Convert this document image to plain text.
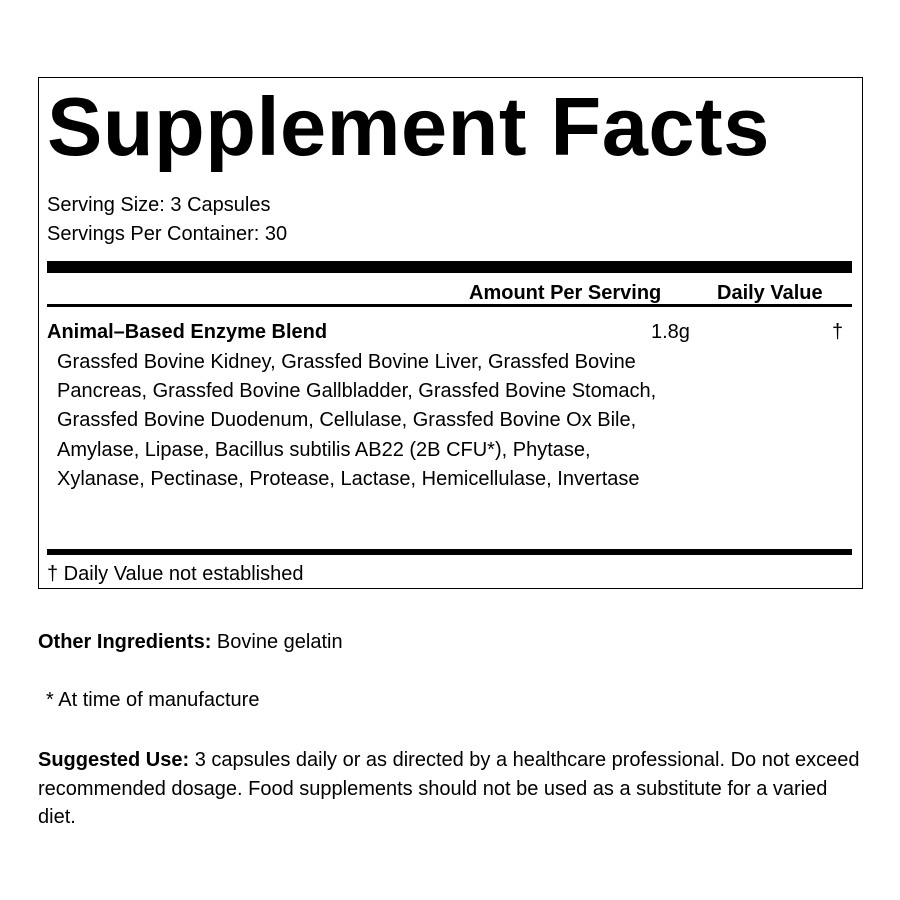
Supplement Facts
Serving Size: 3 Capsules
Servings Per Container: 30
Amount Per Serving	Daily Value
Animal–Based Enzyme Blend	1.8g	†
Grassfed Bovine Kidney, Grassfed Bovine Liver, Grassfed Bovine Pancreas, Grassfed Bovine Gallbladder, Grassfed Bovine Stomach, Grassfed Bovine Duodenum, Cellulase, Grassfed Bovine Ox Bile, Amylase, Lipase, Bacillus subtilis AB22 (2B CFU*), Phytase, Xylanase, Pectinase, Protease, Lactase, Hemicellulase, Invertase
† Daily Value not established
Other Ingredients: Bovine gelatin
* At time of manufacture
Suggested Use: 3 capsules daily or as directed by a healthcare professional. Do not exceed recommended dosage. Food supplements should not be used as a substitute for a varied diet.
